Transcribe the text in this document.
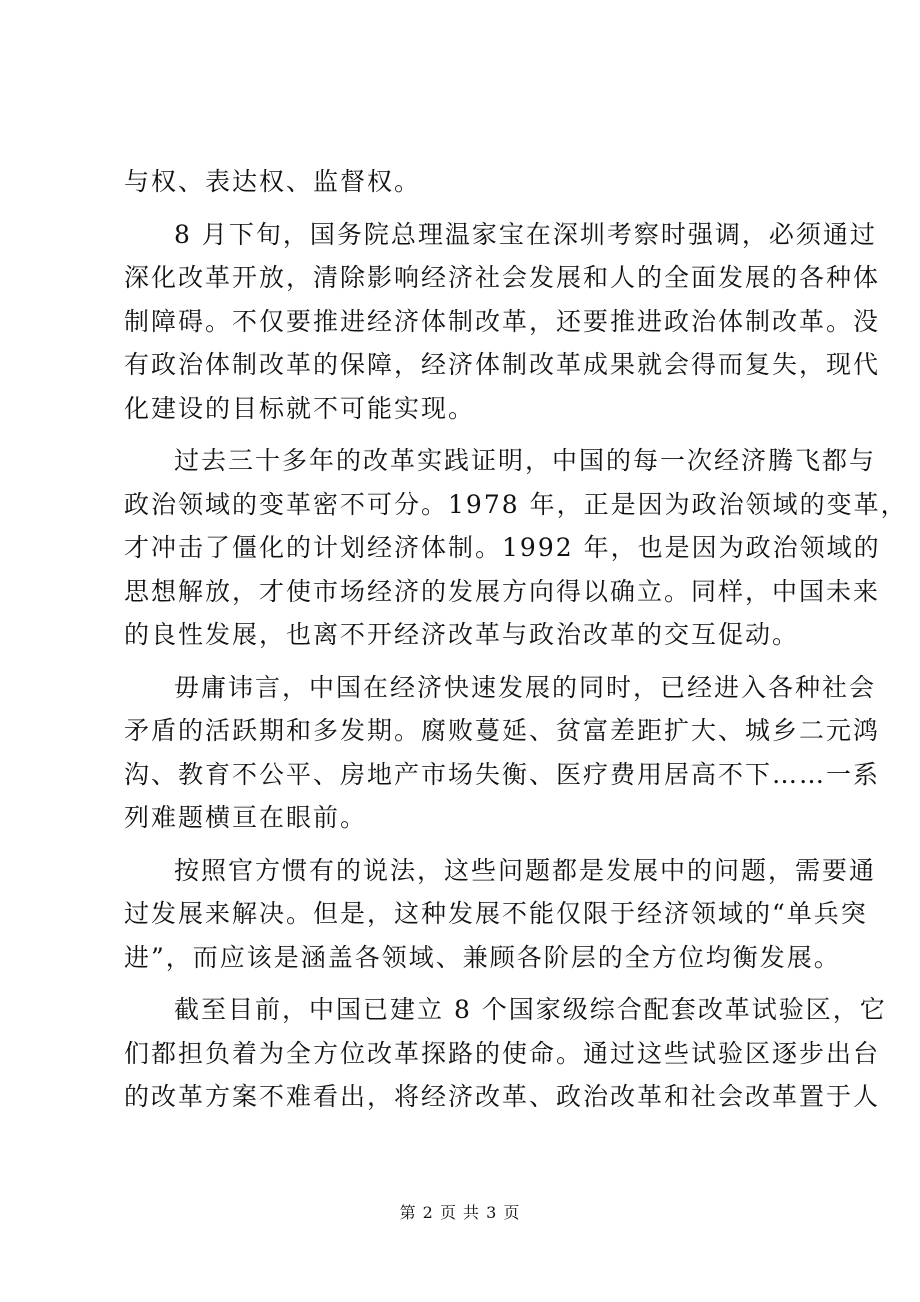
与权、表达权、监督权。
8 月下旬，国务院总理温家宝在深圳考察时强调，必须通过
深化改革开放，清除影响经济社会发展和人的全面发展的各种体
制障碍。不仅要推进经济体制改革，还要推进政治体制改革。没
有政治体制改革的保障，经济体制改革成果就会得而复失，现代
化建设的目标就不可能实现。
过去三十多年的改革实践证明，中国的每一次经济腾飞都与
政治领域的变革密不可分。1978 年，正是因为政治领域的变革，
才冲击了僵化的计划经济体制。1992 年，也是因为政治领域的
思想解放，才使市场经济的发展方向得以确立。同样，中国未来
的良性发展，也离不开经济改革与政治改革的交互促动。
毋庸讳言，中国在经济快速发展的同时，已经进入各种社会
矛盾的活跃期和多发期。腐败蔓延、贫富差距扩大、城乡二元鸿
沟、教育不公平、房地产市场失衡、医疗费用居高不下……一系
列难题横亘在眼前。
按照官方惯有的说法，这些问题都是发展中的问题，需要通
过发展来解决。但是，这种发展不能仅限于经济领域的“单兵突
进”，而应该是涵盖各领域、兼顾各阶层的全方位均衡发展。
截至目前，中国已建立 8 个国家级综合配套改革试验区，它
们都担负着为全方位改革探路的使命。通过这些试验区逐步出台
的改革方案不难看出，将经济改革、政治改革和社会改革置于人
第 2 页 共 3 页
